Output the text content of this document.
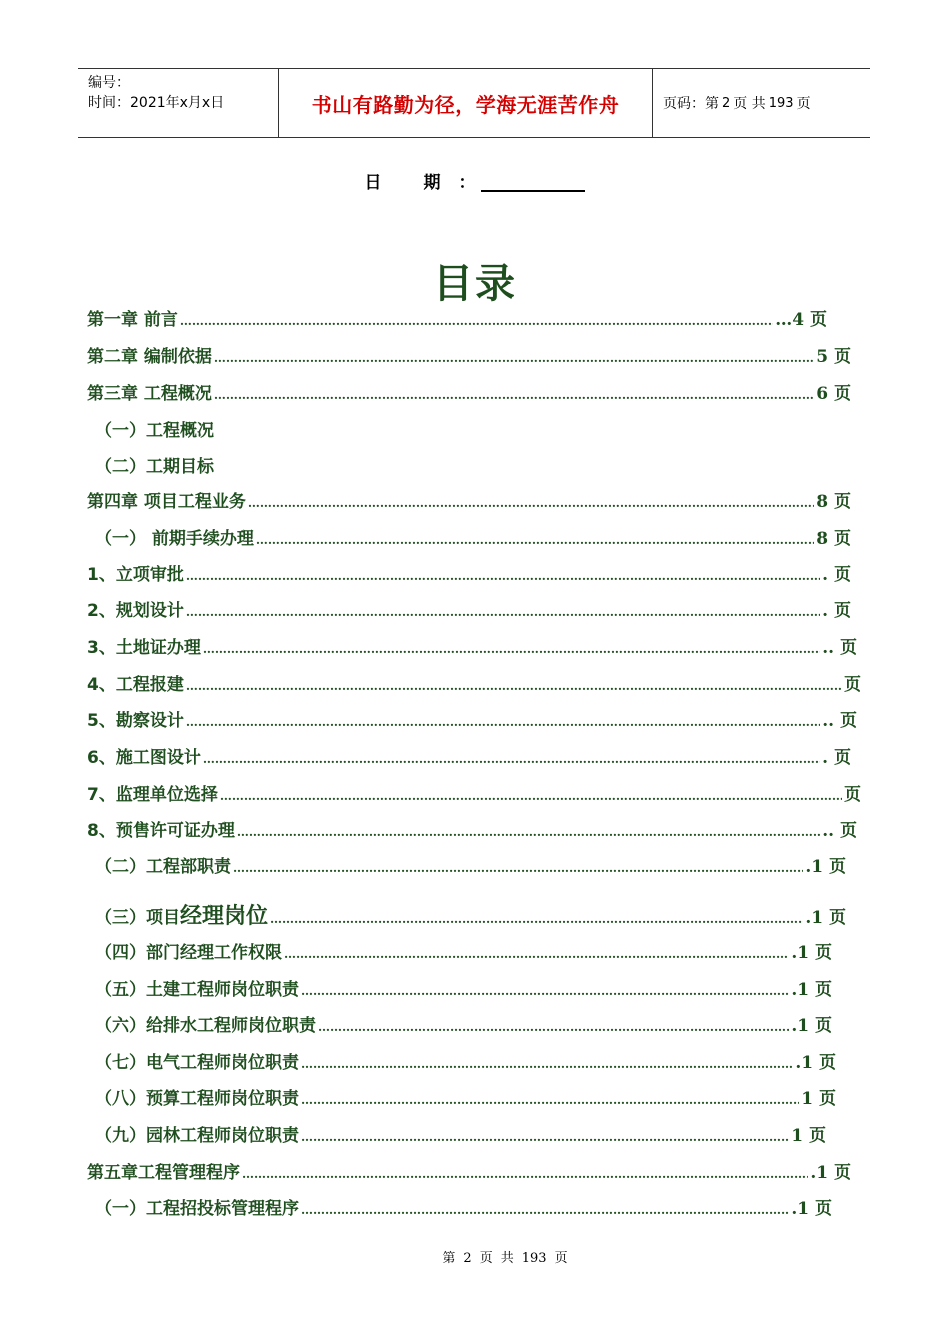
编号：
时间：2021年x月x日	书山有路勤为径，学海无涯苦作舟	页码：第 2 页 共 193 页
日 期：
目录
第一章 前言 ……………………………………………………………………………………………………………………………………………………………………………………………………………………………………………………	…4 页
第二章 编制依据 ……………………………………………………………………………………………………………………………………………………………………………………………………………………………………………………	5 页
第三章 工程概况 ……………………………………………………………………………………………………………………………………………………………………………………………………………………………………………………	6 页
（一）工程概况
（二）工期目标
第四章 项目工程业务 ……………………………………………………………………………………………………………………………………………………………………………………………………………………………………………………	8 页
（一） 前期手续办理 ……………………………………………………………………………………………………………………………………………………………………………………………………………………………………………………	8 页
1、立项审批 ……………………………………………………………………………………………………………………………………………………………………………………………………………………………………………………	. 页
2、规划设计 ……………………………………………………………………………………………………………………………………………………………………………………………………………………………………………………	. 页
3、土地证办理 ……………………………………………………………………………………………………………………………………………………………………………………………………………………………………………………	.. 页
4、工程报建 ……………………………………………………………………………………………………………………………………………………………………………………………………………………………………………………	页
5、勘察设计 ……………………………………………………………………………………………………………………………………………………………………………………………………………………………………………………	.. 页
6、施工图设计 ……………………………………………………………………………………………………………………………………………………………………………………………………………………………………………………	. 页
7、监理单位选择 ……………………………………………………………………………………………………………………………………………………………………………………………………………………………………………………	页
8、预售许可证办理 ……………………………………………………………………………………………………………………………………………………………………………………………………………………………………………………	.. 页
（二）工程部职责 ……………………………………………………………………………………………………………………………………………………………………………………………………………………………………………………	.1 页
（三）项目经理岗位 ……………………………………………………………………………………………………………………………………………………………………………………………………………………………………………………	.1 页
（四）部门经理工作权限 ……………………………………………………………………………………………………………………………………………………………………………………………………………………………………………………	.1 页
（五）土建工程师岗位职责 ……………………………………………………………………………………………………………………………………………………………………………………………………………………………………………………	.1 页
（六）给排水工程师岗位职责 ……………………………………………………………………………………………………………………………………………………………………………………………………………………………………………………	.1 页
（七）电气工程师岗位职责 ……………………………………………………………………………………………………………………………………………………………………………………………………………………………………………………	.1 页
（八）预算工程师岗位职责 ……………………………………………………………………………………………………………………………………………………………………………………………………………………………………………………	1 页
（九）园林工程师岗位职责 ……………………………………………………………………………………………………………………………………………………………………………………………………………………………………………………	1 页
第五章工程管理程序 ……………………………………………………………………………………………………………………………………………………………………………………………………………………………………………………	.1 页
（一）工程招投标管理程序 ……………………………………………………………………………………………………………………………………………………………………………………………………………………………………………………	.1 页
第 2 页 共 193 页
